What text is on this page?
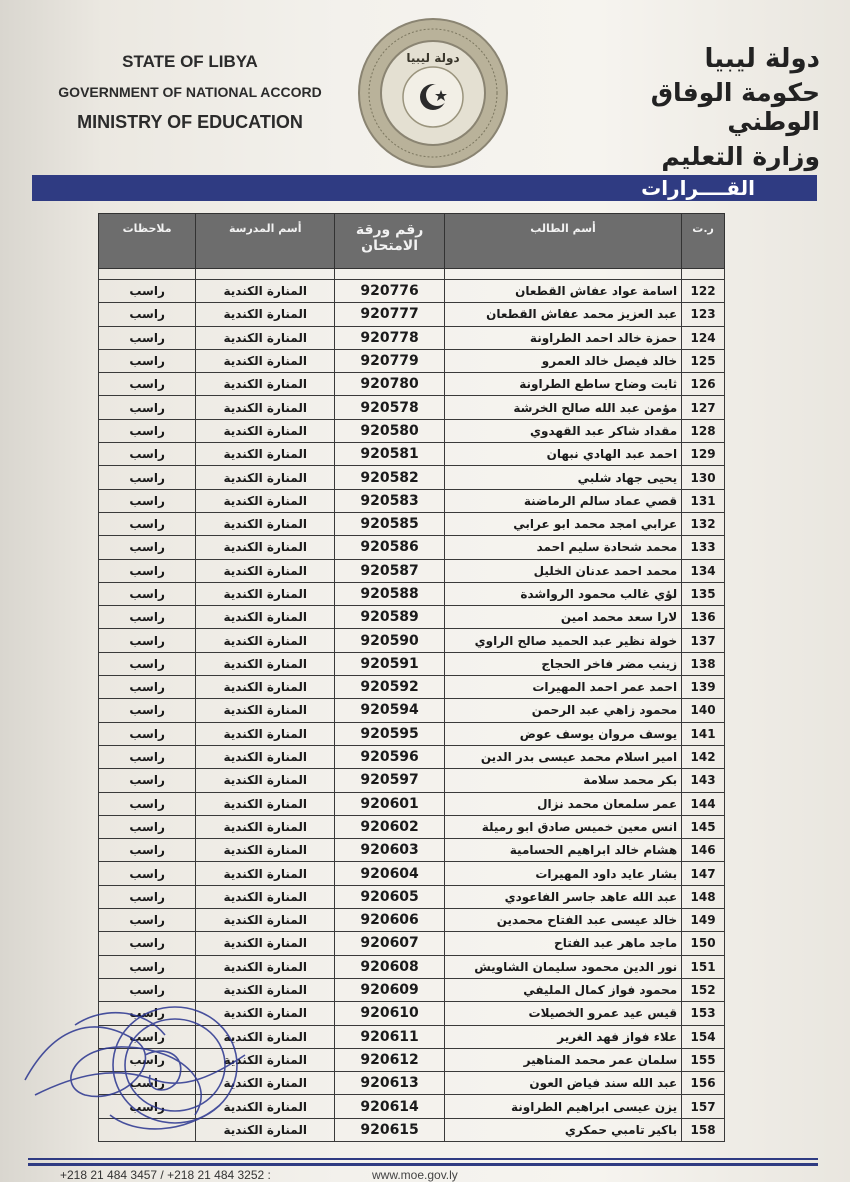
STATE OF LIBYA
GOVERNMENT OF NATIONAL ACCORD
MINISTRY OF EDUCATION
دولة ليبيا	دولة ليبيا
حكومة الوفاق الوطني
وزارة التعليم
القــــرارات
ر.ت	أسم الطالب	رقم ورقة الامتحان	أسم المدرسة	ملاحظات

122	اسامة عواد عفاش القطعان	920776	المنارة الكندية	راسب
123	عبد العزيز محمد عفاش القطعان	920777	المنارة الكندية	راسب
124	حمزة خالد احمد الطراونة	920778	المنارة الكندية	راسب
125	خالد فيصل خالد العمرو	920779	المنارة الكندية	راسب
126	ثابت وضاح ساطع الطراونة	920780	المنارة الكندية	راسب
127	مؤمن عبد الله صالح الخرشة	920578	المنارة الكندية	راسب
128	مقداد شاكر عبد القهدوي	920580	المنارة الكندية	راسب
129	احمد عبد الهادي نبهان	920581	المنارة الكندية	راسب
130	يحيى جهاد شلبي	920582	المنارة الكندية	راسب
131	قصي عماد سالم الرماضنة	920583	المنارة الكندية	راسب
132	عرابي امجد محمد ابو عرابي	920585	المنارة الكندية	راسب
133	محمد شحادة سليم احمد	920586	المنارة الكندية	راسب
134	محمد احمد عدنان الخليل	920587	المنارة الكندية	راسب
135	لؤي غالب محمود الرواشدة	920588	المنارة الكندية	راسب
136	لارا سعد محمد امين	920589	المنارة الكندية	راسب
137	خولة نظير عبد الحميد صالح الراوي	920590	المنارة الكندية	راسب
138	زينب مضر فاخر الحجاج	920591	المنارة الكندية	راسب
139	احمد عمر احمد المهيرات	920592	المنارة الكندية	راسب
140	محمود زاهي عبد الرحمن	920594	المنارة الكندية	راسب
141	يوسف مروان يوسف عوض	920595	المنارة الكندية	راسب
142	امير اسلام محمد عيسى بدر الدين	920596	المنارة الكندية	راسب
143	بكر محمد سلامة	920597	المنارة الكندية	راسب
144	عمر سلمعان محمد نزال	920601	المنارة الكندية	راسب
145	انس معين خميس صادق ابو رميلة	920602	المنارة الكندية	راسب
146	هشام خالد ابراهيم الحسامية	920603	المنارة الكندية	راسب
147	بشار عايد داود المهيرات	920604	المنارة الكندية	راسب
148	عبد الله عاهد جاسر الفاعودي	920605	المنارة الكندية	راسب
149	خالد عيسى عبد الفتاح محمدين	920606	المنارة الكندية	راسب
150	ماجد ماهر عبد الفتاح	920607	المنارة الكندية	راسب
151	نور الدين محمود سليمان الشاويش	920608	المنارة الكندية	راسب
152	محمود فواز كمال المليفي	920609	المنارة الكندية	راسب
153	قيس عيد عمرو الخصيلات	920610	المنارة الكندية	راسب
154	علاء فواز فهد الغرير	920611	المنارة الكندية	راسب
155	سلمان عمر محمد المناهير	920612	المنارة الكندية	راسب
156	عبد الله سند فياض العون	920613	المنارة الكندية	راسب
157	يزن عيسى ابراهيم الطراونة	920614	المنارة الكندية	راسب
158	باكير تامبي حمكري	920615	المنارة الكندية	
+218 21 484 3457 / +218 21 484 3252 :	www.moe.gov.ly
